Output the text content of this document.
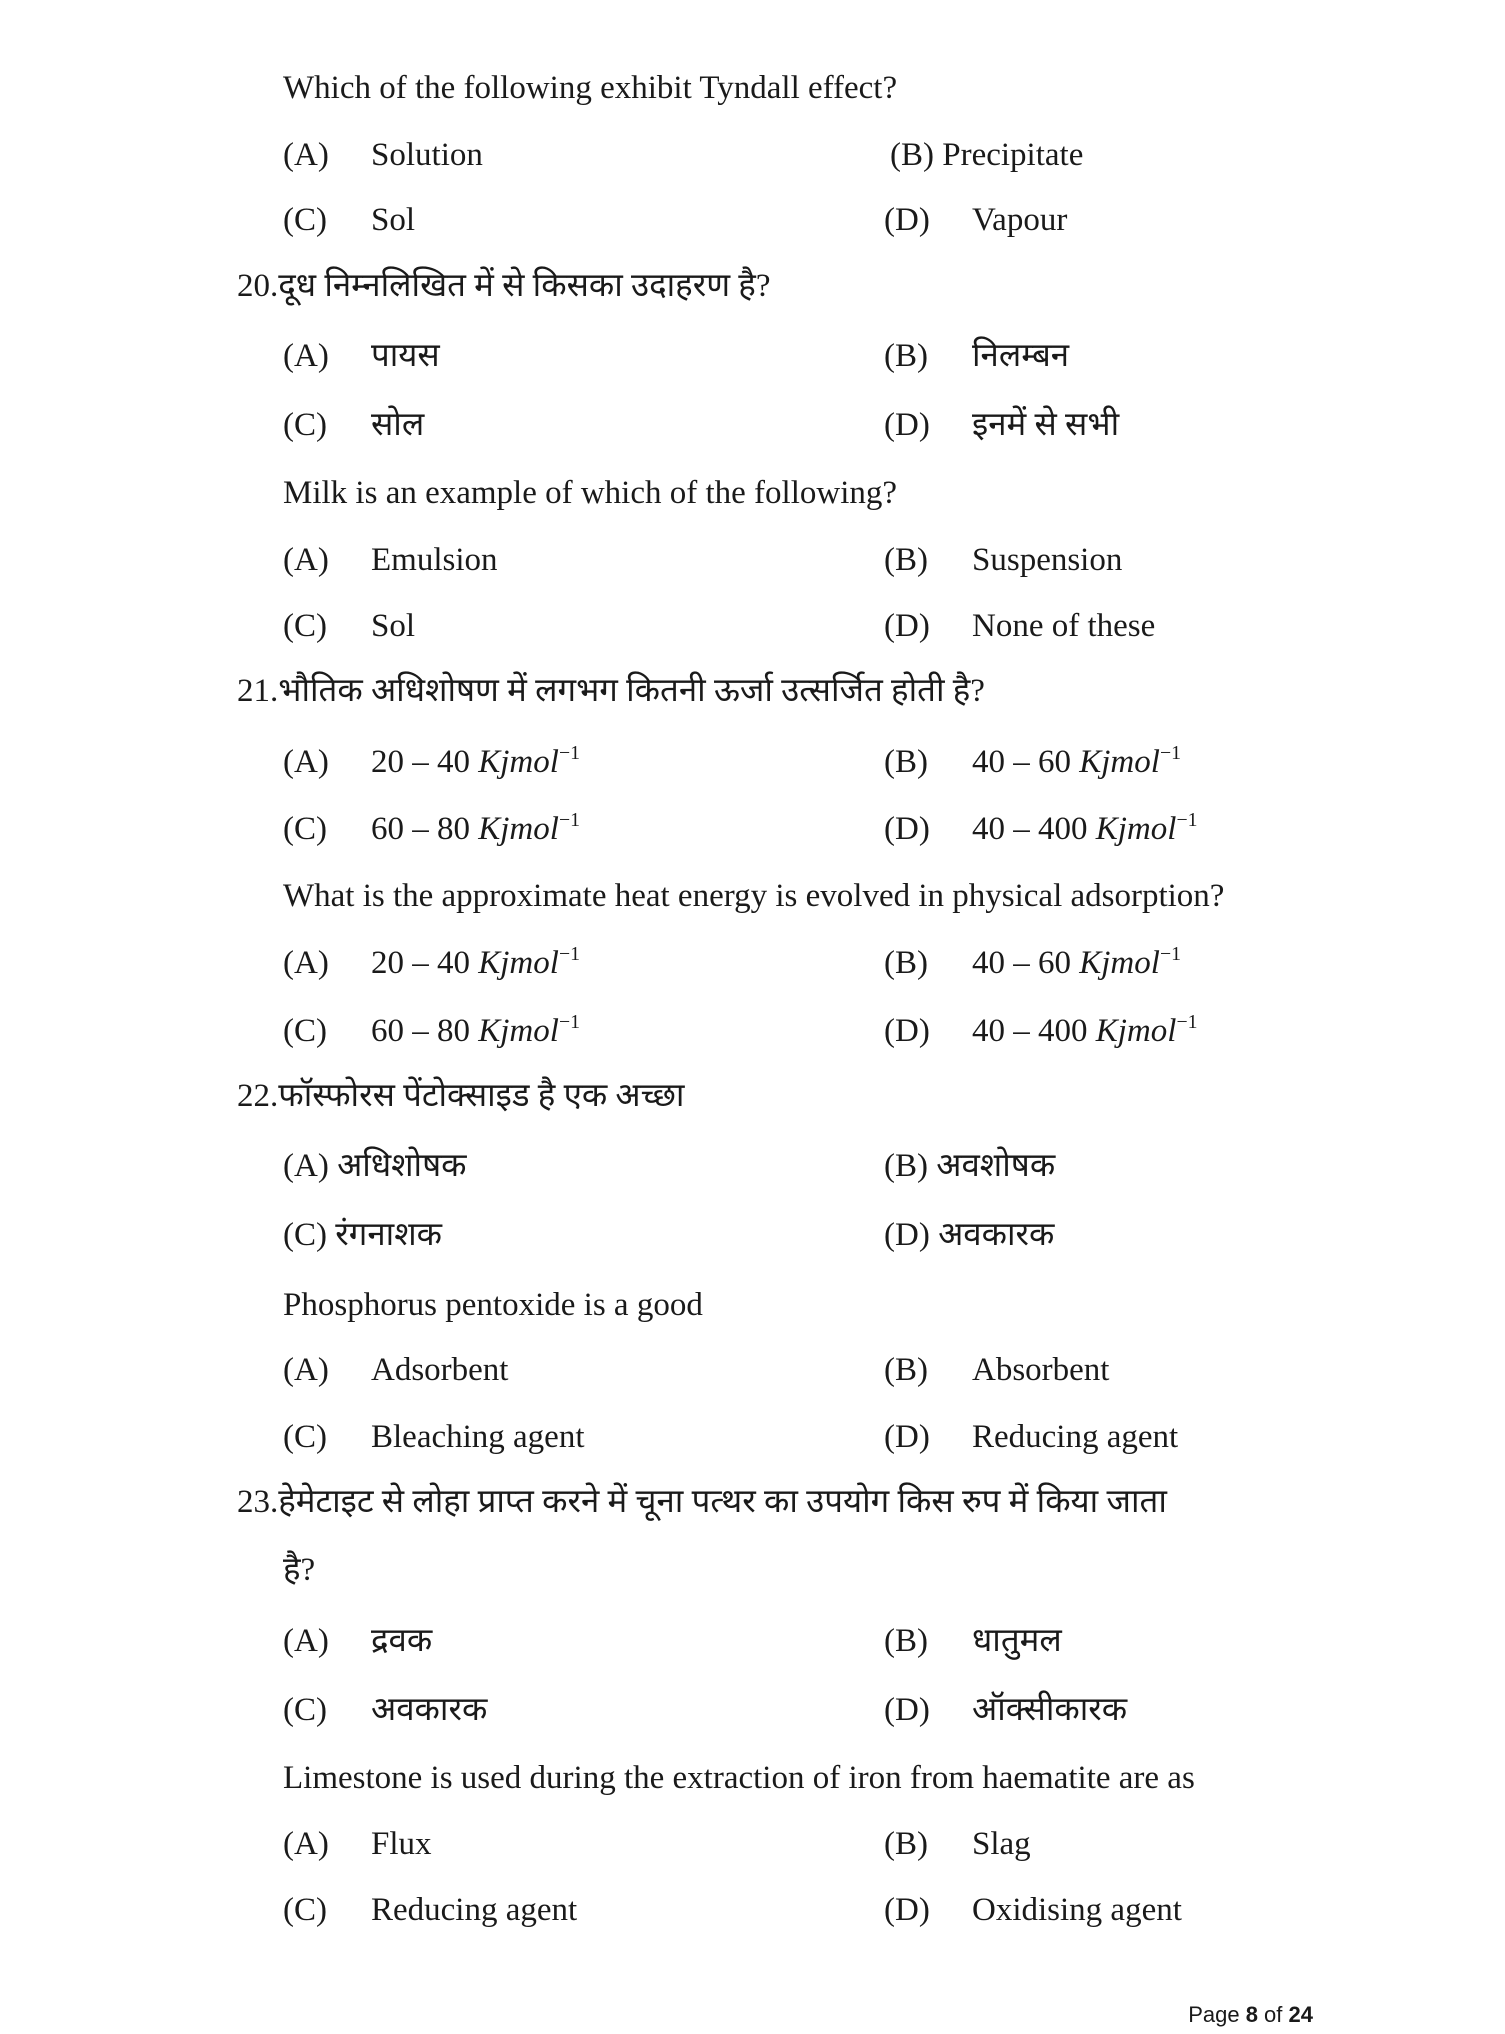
Which of the following exhibit Tyndall effect?
(A) Solution	(B) Precipitate
(C) Sol	(D) Vapour
20.दूध निम्नलिखित में से किसका उदाहरण है?
(A) पायस	(B) निलम्बन
(C) सोल	(D) इनमें से सभी
Milk is an example of which of the following?
(A) Emulsion	(B) Suspension
(C) Sol	(D) None of these
21.भौतिक अधिशोषण में लगभग कितनी ऊर्जा उत्सर्जित होती है?
(A) 20 – 40 Kjmol$^{-1}$	(B) 40 – 60 Kjmol$^{-1}$
(C) 60 – 80 Kjmol$^{-1}$	(D) 40 – 400 Kjmol$^{-1}$
What is the approximate heat energy is evolved in physical adsorption?
(A) 20 – 40 Kjmol$^{-1}$	(B) 40 – 60 Kjmol$^{-1}$
(C) 60 – 80 Kjmol$^{-1}$	(D) 40 – 400 Kjmol$^{-1}$
22.फॉस्फोरस पेंटोक्साइड है एक अच्छा
(A) अधिशोषक	(B) अवशोषक
(C) रंगनाशक	(D) अवकारक
Phosphorus pentoxide is a good
(A) Adsorbent	(B) Absorbent
(C) Bleaching agent	(D) Reducing agent
23.हेमेटाइट से लोहा प्राप्त करने में चूना पत्थर का उपयोग किस रुप में किया जाता
है?
(A) द्रवक	(B) धातुमल
(C) अवकारक	(D) ऑक्सीकारक
Limestone is used during the extraction of iron from haematite are as
(A) Flux	(B) Slag
(C) Reducing agent	(D) Oxidising agent
Page 8 of 24
